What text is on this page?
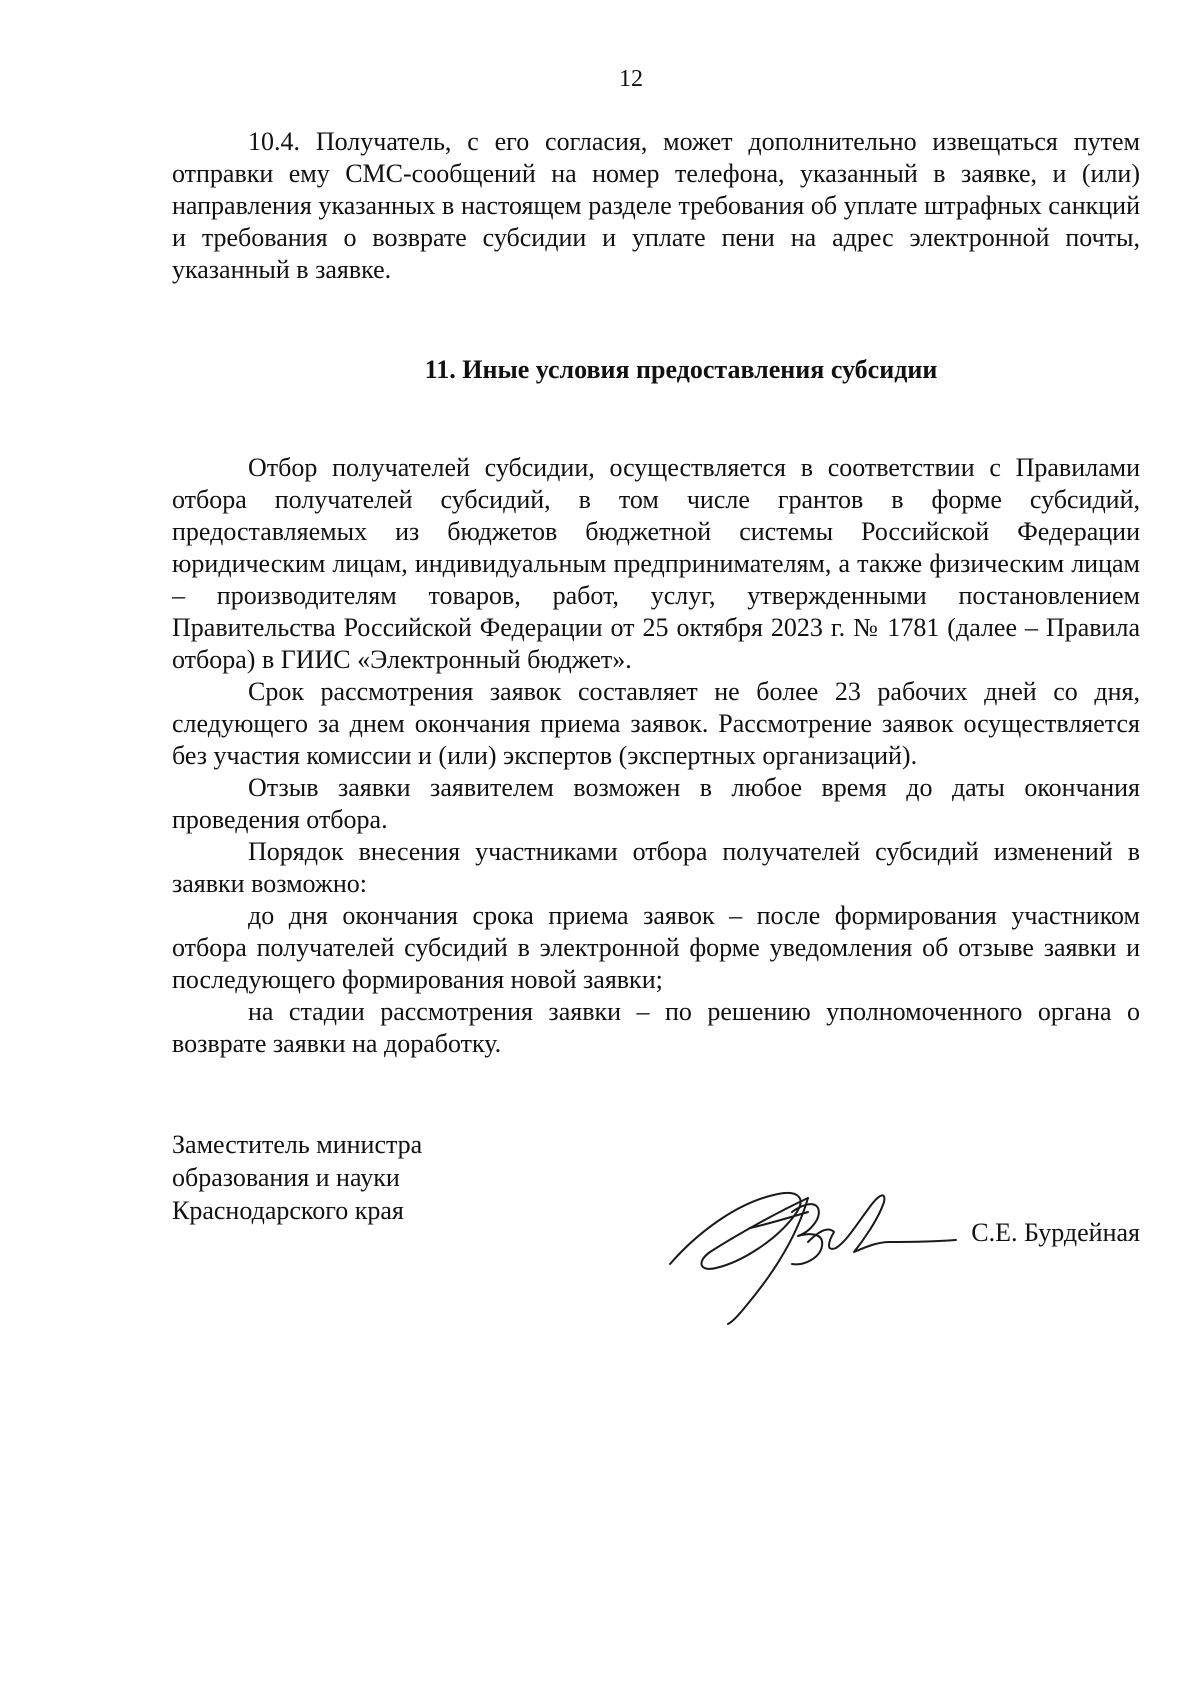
12

10.4. Получатель, с его согласия, может дополнительно извещаться путем отправки ему СМС-сообщений на номер телефона, указанный в заявке, и (или) направления указанных в настоящем разделе требования об уплате штрафных санкций и требования о возврате субсидии и уплате пени на адрес электронной почты, указанный в заявке.

11. Иные условия предоставления субсидии

Отбор получателей субсидии, осуществляется в соответствии с Правилами отбора получателей субсидий, в том числе грантов в форме субсидий, предоставляемых из бюджетов бюджетной системы Российской Федерации юридическим лицам, индивидуальным предпринимателям, а также физическим лицам – производителям товаров, работ, услуг, утвержденными постановлением Правительства Российской Федерации от 25 октября 2023 г. № 1781 (далее – Правила отбора) в ГИИС «Электронный бюджет».

Срок рассмотрения заявок составляет не более 23 рабочих дней со дня, следующего за днем окончания приема заявок. Рассмотрение заявок осуществляется без участия комиссии и (или) экспертов (экспертных организаций).

Отзыв заявки заявителем возможен в любое время до даты окончания проведения отбора.

Порядок внесения участниками отбора получателей субсидий изменений в заявки возможно:

до дня окончания срока приема заявок – после формирования участником отбора получателей субсидий в электронной форме уведомления об отзыве заявки и последующего формирования новой заявки;

на стадии рассмотрения заявки – по решению уполномоченного органа о возврате заявки на доработку.

Заместитель министра
образования и науки
Краснодарского края
С.Е. Бурдейная
